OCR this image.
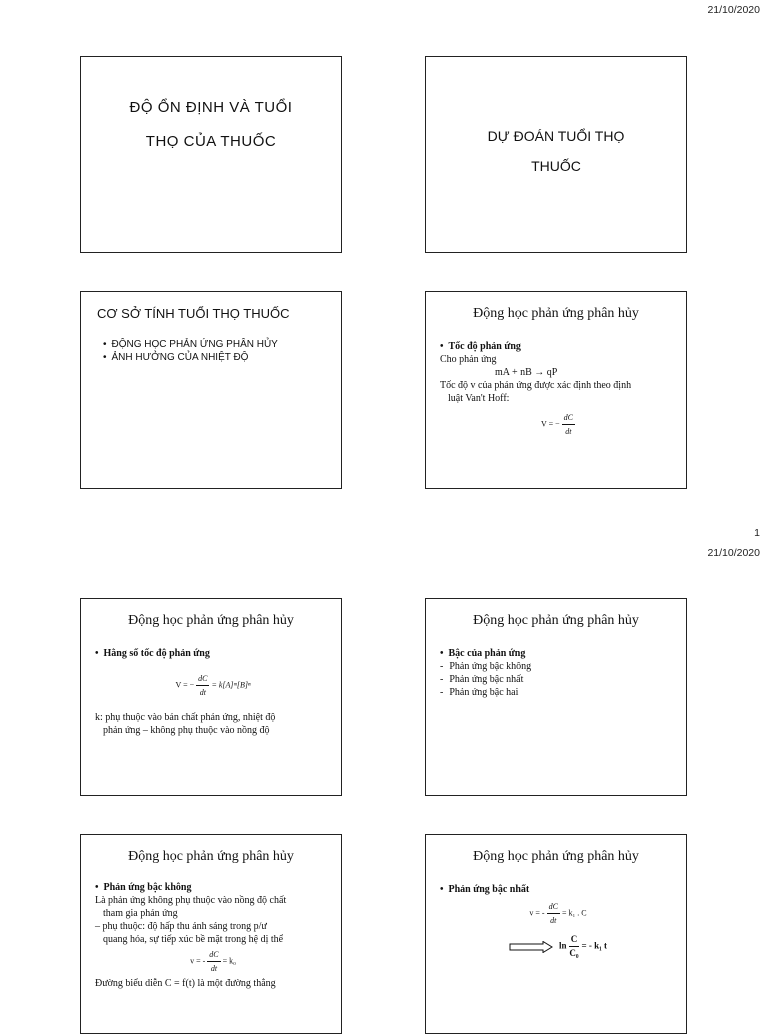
21/10/2020
ĐỘ ỔN ĐỊNH VÀ TUỔI
THỌ CỦA THUỐC	DỰ ĐOÁN TUỔI THỌ
THUỐC
CƠ SỞ TÍNH TUỔI THỌ THUỐC

• ĐỘNG HỌC PHẢN ỨNG PHÂN HỦY

• ẢNH HƯỞNG CỦA NHIỆT ĐỘ

Động học phản ứng phân hủy

• Tốc độ phản ứng

Cho phản ứng
mA + nB → qP
Tốc độ v của phản ứng được xác định theo định
luật Van't Hoff:
V = − $\frac{dC}{dt}$
1
21/10/2020
Động học phản ứng phân hủy

• Hằng số tốc độ phản ứng

V = − $\frac{dC}{dt}$ = k[A]ᵐ[B]ⁿ
k: phụ thuộc vào bản chất phản ứng, nhiệt độ
phản ứng – không phụ thuộc vào nồng độ
Động học phản ứng phân hủy

• Bậc của phản ứng

- Phản ứng bậc không
- Phản ứng bậc nhất
- Phản ứng bậc hai
Động học phản ứng phân hủy

• Phản ứng bậc không

Là phản ứng không phụ thuộc vào nồng độ chất
tham gia phản ứng
– phụ thuộc: độ hấp thu ánh sáng trong p/ư
quang hóa, sự tiếp xúc bề mặt trong hệ dị thể
v = - $\frac{dC}{dt} = k_0$
Đường biểu diễn C = f(t) là một đường thẳng
Động học phản ứng phân hủy

• Phản ứng bậc nhất

v = - $\frac{dC}{dt} = k_1$ . C
$\ln \frac{C}{\text{C₀}}$ = - k₁ t
